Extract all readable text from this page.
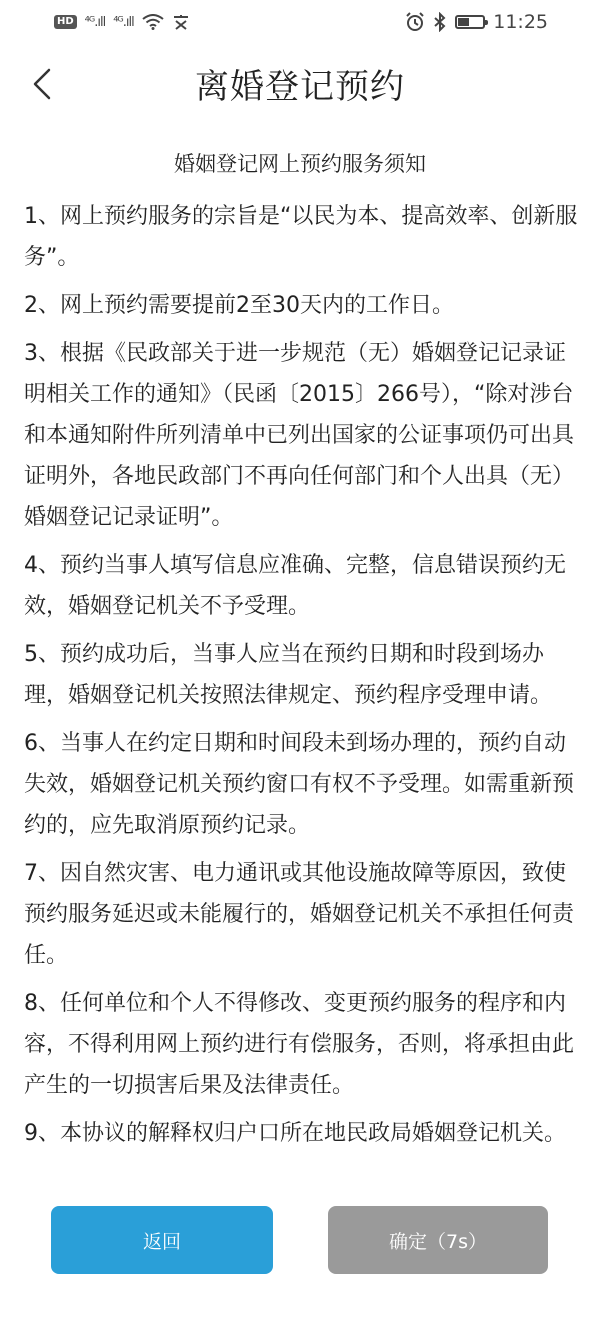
HD ⁴ᴳ.ıll ⁴ᴳ.ıll	11:25
离婚登记预约
婚姻登记网上预约服务须知

1、网上预约服务的宗旨是“以民为本、提高效率、创新服务”。

2、网上预约需要提前2至30天内的工作日。

3、根据《民政部关于进一步规范（无）婚姻登记记录证明相关工作的通知》（民函〔2015〕266号），“除对涉台和本通知附件所列清单中已列出国家的公证事项仍可出具证明外，各地民政部门不再向任何部门和个人出具（无）婚姻登记记录证明”。

4、预约当事人填写信息应准确、完整，信息错误预约无效，婚姻登记机关不予受理。

5、预约成功后，当事人应当在预约日期和时段到场办理，婚姻登记机关按照法律规定、预约程序受理申请。

6、当事人在约定日期和时间段未到场办理的，预约自动失效，婚姻登记机关预约窗口有权不予受理。如需重新预约的，应先取消原预约记录。

7、因自然灾害、电力通讯或其他设施故障等原因，致使预约服务延迟或未能履行的，婚姻登记机关不承担任何责任。

8、任何单位和个人不得修改、变更预约服务的程序和内容，不得利用网上预约进行有偿服务，否则，将承担由此产生的一切损害后果及法律责任。

9、本协议的解释权归户口所在地民政局婚姻登记机关。

返回	确定（7s）
